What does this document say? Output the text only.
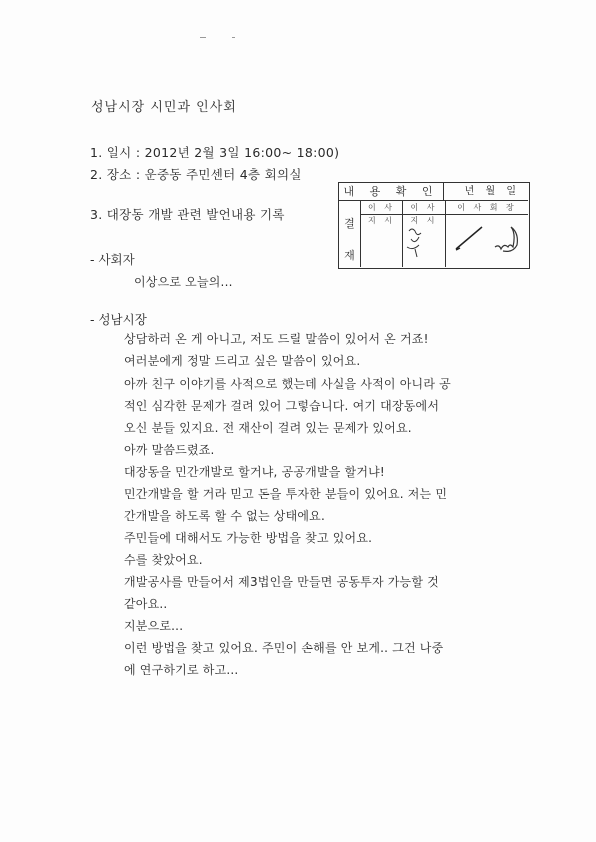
성남시장 시민과 인사회
1. 일시 : 2012년 2월 3일 16:00~ 18:00)
2. 장소 : 운중동 주민센터 4층 회의실
3. 대장동 개발 관련 발언내용 기록
내 용 확 인	년 월 일
결
재
이 사 지 시
이 사 지 시
이 사 회 장
- 사회자
이상으로 오늘의...
- 성남시장
상담하러 온 게 아니고, 저도 드릴 말씀이 있어서 온 거죠!
여러분에게 정말 드리고 싶은 말씀이 있어요.
아까 친구 이야기를 사적으로 했는데 사실을 사적이 아니라 공
적인 심각한 문제가 걸려 있어 그렇습니다. 여기 대장동에서
오신 분들 있지요. 전 재산이 걸려 있는 문제가 있어요.
아까 말씀드렸죠.
대장동을 민간개발로 할거냐, 공공개발을 할거냐!
민간개발을 할 거라 믿고 돈을 투자한 분들이 있어요. 저는 민
간개발을 하도록 할 수 없는 상태에요.
주민들에 대해서도 가능한 방법을 찾고 있어요.
수를 찾았어요.
개발공사를 만들어서 제3법인을 만들면 공동투자 가능할 것
같아요..
지분으로...
이런 방법을 찾고 있어요. 주민이 손해를 안 보게.. 그건 나중
에 연구하기로 하고...
